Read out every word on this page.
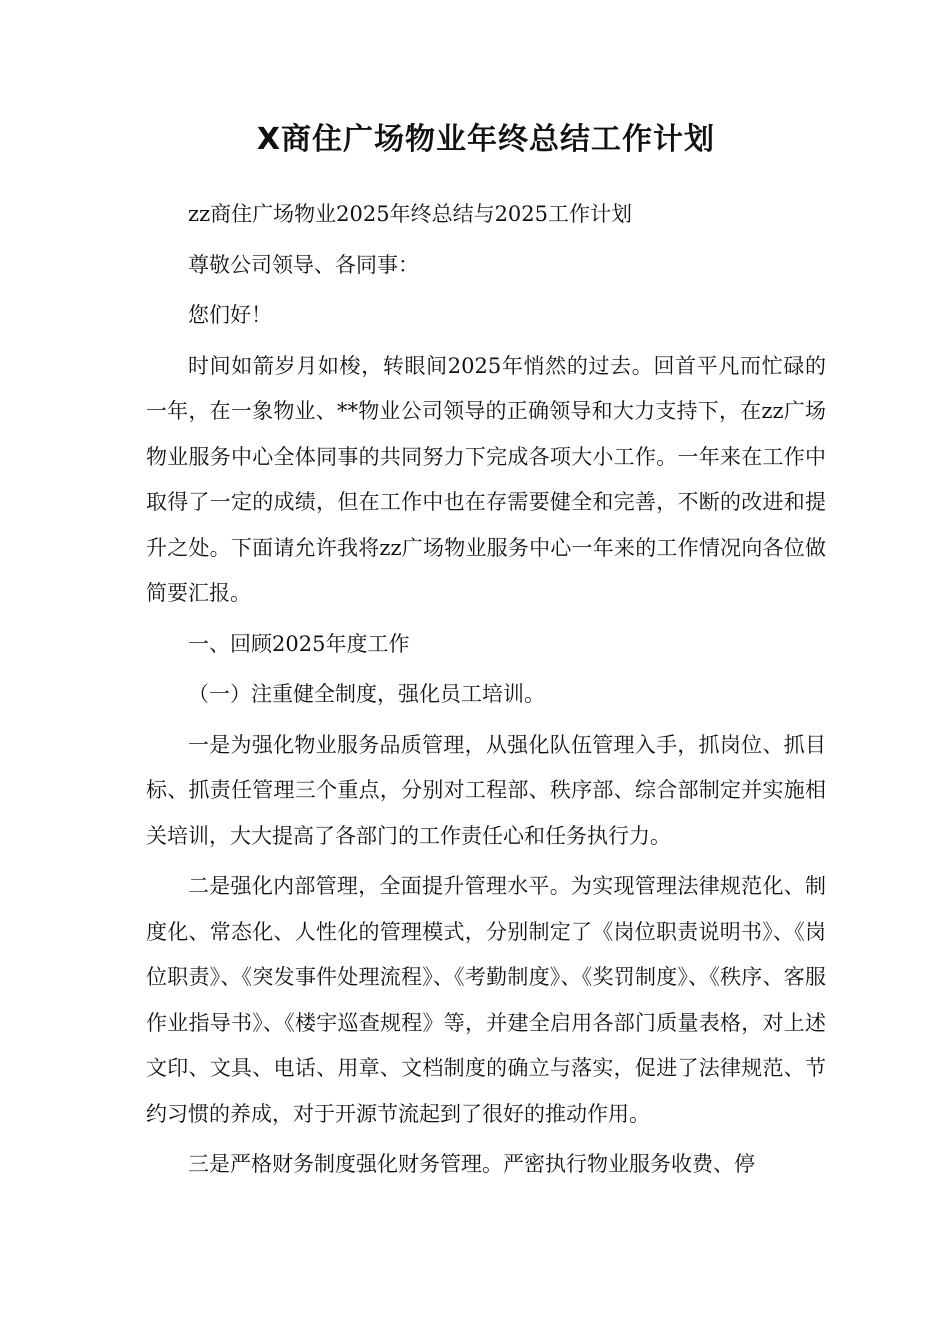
X商住广场物业年终总结工作计划

zz商住广场物业2025年终总结与2025工作计划

尊敬公司领导、各同事：

您们好！

时间如箭岁月如梭，转眼间2025年悄然的过去。回首平凡而忙碌的一年，在一象物业、**物业公司领导的正确领导和大力支持下，在zz广场物业服务中心全体同事的共同努力下完成各项大小工作。一年来在工作中取得了一定的成绩，但在工作中也在存需要健全和完善，不断的改进和提升之处。下面请允许我将zz广场物业服务中心一年来的工作情况向各位做简要汇报。

一、回顾2025年度工作

（一）注重健全制度，强化员工培训。

一是为强化物业服务品质管理，从强化队伍管理入手，抓岗位、抓目标、抓责任管理三个重点，分别对工程部、秩序部、综合部制定并实施相关培训，大大提高了各部门的工作责任心和任务执行力。

二是强化内部管理，全面提升管理水平。为实现管理法律规范化、制度化、常态化、人性化的管理模式，分别制定了《岗位职责说明书》、《岗位职责》、《突发事件处理流程》、《考勤制度》、《奖罚制度》、《秩序、客服作业指导书》、《楼宇巡查规程》等，并建全启用各部门质量表格，对上述文印、文具、电话、用章、文档制度的确立与落实，促进了法律规范、节约习惯的养成，对于开源节流起到了很好的推动作用。

三是严格财务制度强化财务管理。严密执行物业服务收费、停
